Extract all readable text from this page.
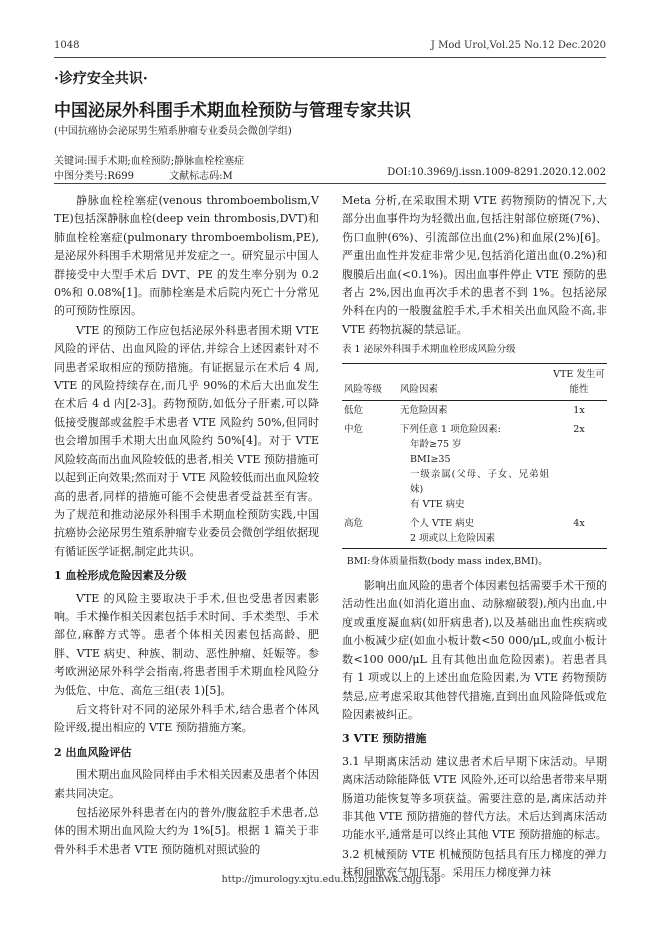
1048	J Mod Urol,Vol.25 No.12 Dec.2020
·诊疗安全共识·
中国泌尿外科围手术期血栓预防与管理专家共识
(中国抗癌协会泌尿男生殖系肿瘤专业委员会微创学组)
关键词:围手术期;血栓预防;静脉血栓栓塞症
中图分类号:R699	文献标志码:M	DOI:10.3969/j.issn.1009-8291.2020.12.002

静脉血栓栓塞症(venous thromboembolism,VTE)包括深静脉血栓(deep vein thrombosis,DVT)和肺血栓栓塞症(pulmonary thromboembolism,PE),是泌尿外科围手术期常见并发症之一。研究显示中国人群接受中大型手术后 DVT、PE 的发生率分别为 0.20%和 0.08%[1]。而肺栓塞是术后院内死亡十分常见的可预防性原因。

VTE 的预防工作应包括泌尿外科患者围术期 VTE 风险的评估、出血风险的评估,并综合上述因素针对不同患者采取相应的预防措施。有证据显示在术后 4 周,VTE 的风险持续存在,而几乎 90%的术后大出血发生在术后 4 d 内[2-3]。药物预防,如低分子肝素,可以降低接受腹部或盆腔手术患者 VTE 风险约 50%,但同时也会增加围手术期大出血风险约 50%[4]。对于 VTE 风险较高而出血风险较低的患者,相关 VTE 预防措施可以起到正向效果;然而对于 VTE 风险较低而出血风险较高的患者,同样的措施可能不会使患者受益甚至有害。为了规范和推动泌尿外科围手术期血栓预防实践,中国抗癌协会泌尿男生殖系肿瘤专业委员会微创学组依据现有循证医学证据,制定此共识。

1 血栓形成危险因素及分级

VTE 的风险主要取决于手术,但也受患者因素影响。手术操作相关因素包括手术时间、手术类型、手术部位,麻醉方式等。患者个体相关因素包括高龄、肥胖、VTE 病史、种族、制动、恶性肿瘤、妊娠等。参考欧洲泌尿外科学会指南,将患者围手术期血栓风险分为低危、中危、高危三组(表 1)[5]。

后文将针对不同的泌尿外科手术,结合患者个体风险评级,提出相应的 VTE 预防措施方案。

2 出血风险评估

围术期出血风险同样由手术相关因素及患者个体因素共同决定。

包括泌尿外科患者在内的普外/腹盆腔手术患者,总体的围术期出血风险大约为 1%[5]。根据 1 篇关于非骨外科手术患者 VTE 预防随机对照试验的

Meta 分析,在采取围术期 VTE 药物预防的情况下,大部分出血事件均为轻微出血,包括注射部位瘀斑(7%)、伤口血肿(6%)、引流部位出血(2%)和血尿(2%)[6]。严重出血性并发症非常少见,包括消化道出血(0.2%)和腹膜后出血(<0.1%)。因出血事件停止 VTE 预防的患者占 2%,因出血再次手术的患者不到 1%。包括泌尿外科在内的一般腹盆腔手术,手术相关出血风险不高,非 VTE 药物抗凝的禁忌证。

表 1 泌尿外科围手术期血栓形成风险分级
风险等级	风险因素	VTE 发生可能性
低危	无危险因素	1x
中危	下列任意 1 项危险因素:
年龄≥75 岁
BMI≥35
一级亲属(父母、子女、兄弟姐妹)
有 VTE 病史	2x
高危	个人 VTE 病史
2 项或以上危险因素	4x
BMI:身体质量指数(body mass index,BMI)。

影响出血风险的患者个体因素包括需要手术干预的活动性出血(如消化道出血、动脉瘤破裂),颅内出血,中度或重度凝血病(如肝病患者),以及基础出血性疾病或血小板减少症(如血小板计数<50 000/μL,或血小板计数<100 000/μL 且有其他出血危险因素)。若患者具有 1 项或以上的上述出血危险因素,为 VTE 药物预防禁忌,应考虑采取其他替代措施,直到出血风险降低或危险因素被纠正。

3 VTE 预防措施

3.1 早期离床活动 建议患者术后早期下床活动。早期离床活动除能降低 VTE 风险外,还可以给患者带来早期肠道功能恢复等多项获益。需要注意的是,离床活动并非其他 VTE 预防措施的替代方法。术后达到离床活动功能水平,通常是可以终止其他 VTE 预防措施的标志。

3.2 机械预防 VTE 机械预防包括具有压力梯度的弹力袜和间歇充气加压泵。采用压力梯度弹力袜

http://jmurology.xjtu.edu.cn;zgmnwk.cnjg.top
